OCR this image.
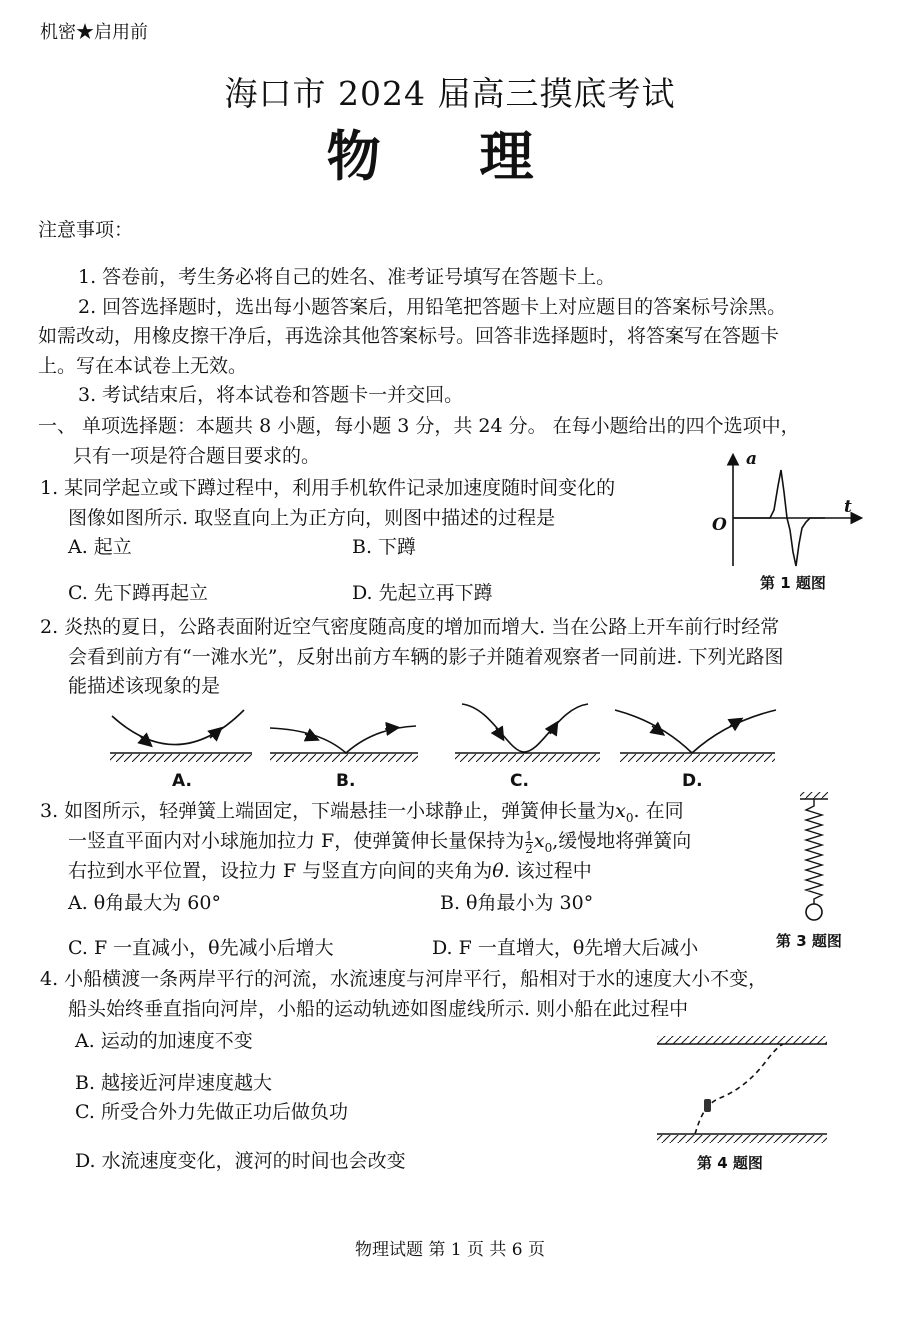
机密★启用前
海口市 2024 届高三摸底考试
物 理
注意事项：
1. 答卷前，考生务必将自己的姓名、准考证号填写在答题卡上。
2. 回答选择题时，选出每小题答案后，用铅笔把答题卡上对应题目的答案标号涂黑。
如需改动，用橡皮擦干净后，再选涂其他答案标号。回答非选择题时，将答案写在答题卡
上。写在本试卷上无效。
3. 考试结束后，将本试卷和答题卡一并交回。
一、 单项选择题：本题共 8 小题，每小题 3 分，共 24 分。 在每小题给出的四个选项中，
只有一项是符合题目要求的。
1. 某同学起立或下蹲过程中，利用手机软件记录加速度随时间变化的
图像如图所示. 取竖直向上为正方向，则图中描述的过程是
A. 起立	B. 下蹲
C. 先下蹲再起立	D. 先起立再下蹲
a
t
O
第 1 题图
2. 炎热的夏日，公路表面附近空气密度随高度的增加而增大. 当在公路上开车前行时经常
会看到前方有“一滩水光”，反射出前方车辆的影子并随着观察者一同前进. 下列光路图
能描述该现象的是
A.	B.	C.	D.
3. 如图所示，轻弹簧上端固定，下端悬挂一小球静止，弹簧伸长量为$x_0$. 在同
一竖直平面内对小球施加拉力 F，使弹簧伸长量保持为 $\frac{1}{2} x_0$,缓慢地将弹簧向
右拉到水平位置，设拉力 F 与竖直方向间的夹角为θ. 该过程中
A. θ角最大为 60°	B. θ角最小为 30°
C. F 一直减小，θ先减小后增大	D. F 一直增大，θ先增大后减小	第 3 题图
4. 小船横渡一条两岸平行的河流，水流速度与河岸平行，船相对于水的速度大小不变，
船头始终垂直指向河岸，小船的运动轨迹如图虚线所示. 则小船在此过程中
A. 运动的加速度不变
B. 越接近河岸速度越大
C. 所受合外力先做正功后做负功
D. 水流速度变化，渡河的时间也会改变	第 4 题图
物理试题 第 1 页 共 6 页
